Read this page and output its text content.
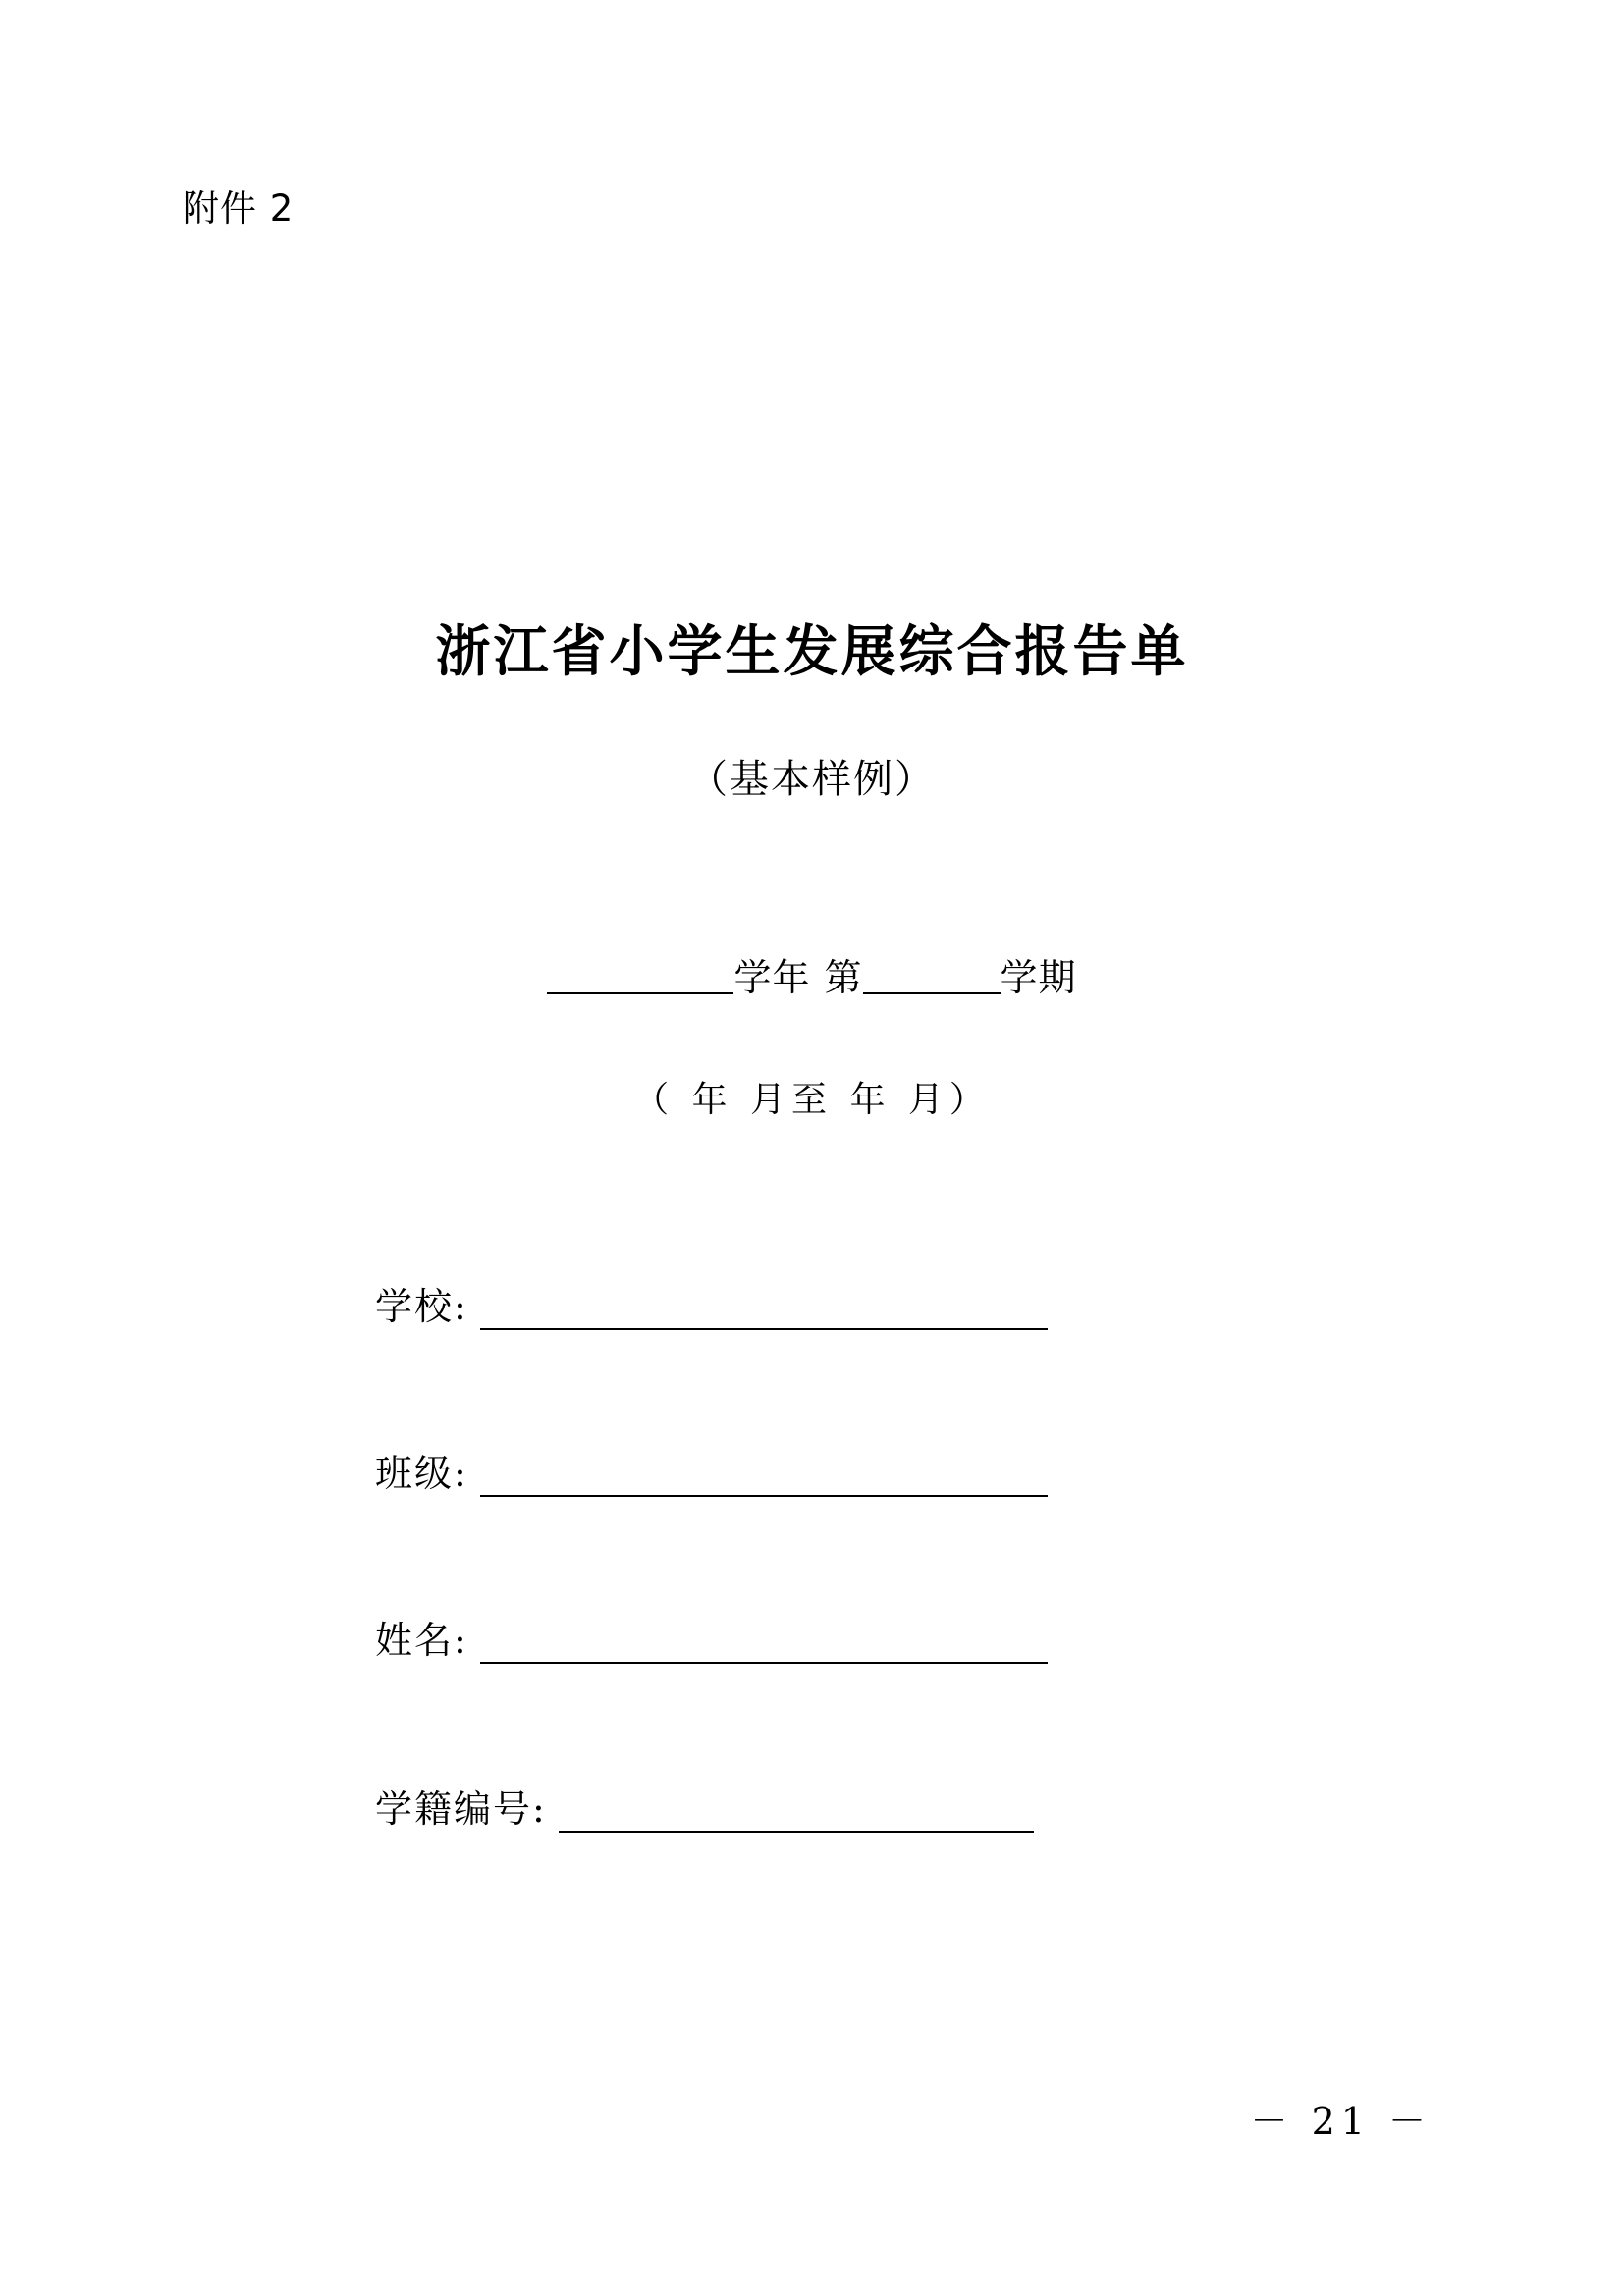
附件 2
浙江省小学生发展综合报告单
（基本样例）
学年 第	学期
（ 年 月至 年 月）
学校:
班级:
姓名:
学籍编号:
－ 21 －
